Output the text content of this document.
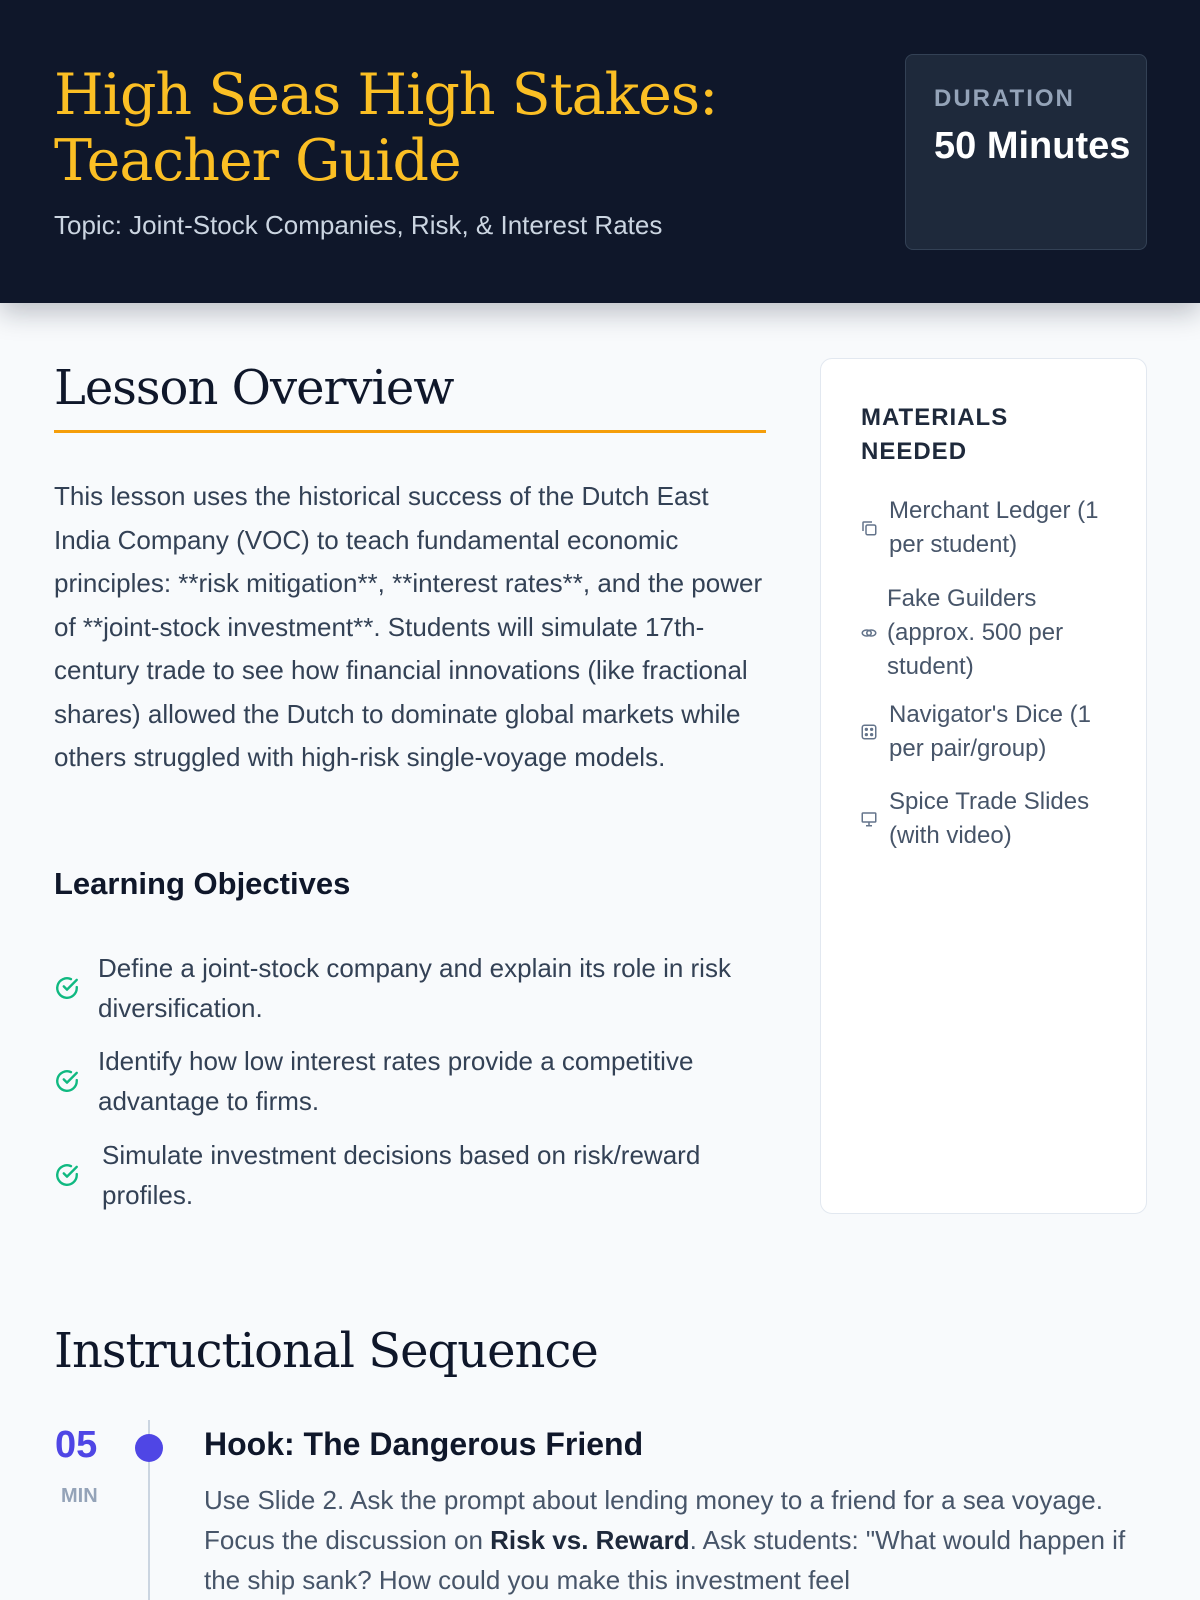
High Seas High Stakes: Teacher Guide
Topic: Joint-Stock Companies, Risk, & Interest Rates
DURATION
50 Minutes
Lesson Overview

This lesson uses the historical success of the Dutch East India Company (VOC) to teach fundamental economic principles: **risk mitigation**, **interest rates**, and the power of **joint-stock investment**. Students will simulate 17th-century trade to see how financial innovations (like fractional shares) allowed the Dutch to dominate global markets while others struggled with high-risk single-voyage models.

Learning Objectives
Define a joint-stock company and explain its role in risk diversification.
Identify how low interest rates provide a competitive advantage to firms.
Simulate investment decisions based on risk/reward profiles.
MATERIALS NEEDED
Merchant Ledger (1 per student)
Fake Guilders (approx. 500 per student)
Navigator's Dice (1 per pair/group)
Spice Trade Slides (with video)
Instructional Sequence
05
MIN
Hook: The Dangerous Friend

Use Slide 2. Ask the prompt about lending money to a friend for a sea voyage. Focus the discussion on Risk vs. Reward. Ask students: "What would happen if the ship sank? How could you make this investment feel
